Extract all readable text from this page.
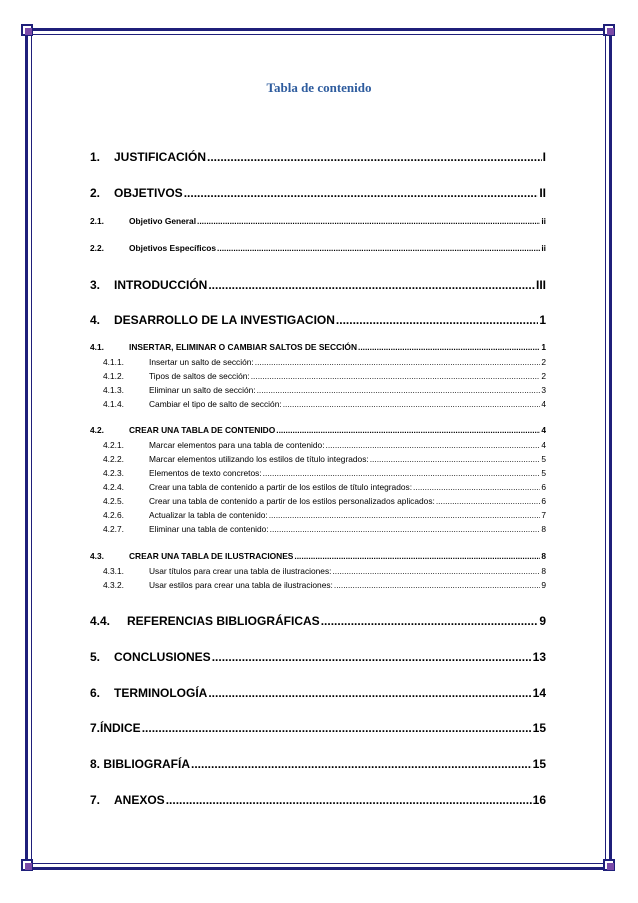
Tabla de contenido
1.	JUSTIFICACIÓN .....	I
2.	OBJETIVOS .....	II
2.1.	Objetivo General .....	ii
2.2.	Objetivos Específicos .....	ii
3.	INTRODUCCIÓN .....	III
4.	DESARROLLO DE LA INVESTIGACION .....	1
4.1.	INSERTAR, ELIMINAR O CAMBIAR SALTOS DE SECCIÓN .....	1
4.1.1.	Insertar un salto de sección: .....	2
4.1.2.	Tipos de saltos de sección: .....	2
4.1.3.	Eliminar un salto de sección: .....	3
4.1.4.	Cambiar el tipo de salto de sección: .....	4
4.2.	CREAR UNA TABLA DE CONTENIDO .....	4
4.2.1.	Marcar elementos para una tabla de contenido: .....	4
4.2.2.	Marcar elementos utilizando los estilos de título integrados: .....	5
4.2.3.	Elementos de texto concretos: .....	5
4.2.4.	Crear una tabla de contenido a partir de los estilos de título integrados: .....	6
4.2.5.	Crear una tabla de contenido a partir de los estilos personalizados aplicados: .....	6
4.2.6.	Actualizar la tabla de contenido: .....	7
4.2.7.	Eliminar una tabla de contenido: .....	8
4.3.	CREAR UNA TABLA DE ILUSTRACIONES .....	8
4.3.1.	Usar títulos para crear una tabla de ilustraciones: .....	8
4.3.2.	Usar estilos para crear una tabla de ilustraciones: .....	9
4.4.	REFERENCIAS BIBLIOGRÁFICAS .....	9
5.	CONCLUSIONES .....	13
6.	TERMINOLOGÍA .....	14
7.ÍNDICE .....	15
8. BIBLIOGRAFÍA .....	15
7.	ANEXOS .....	16
